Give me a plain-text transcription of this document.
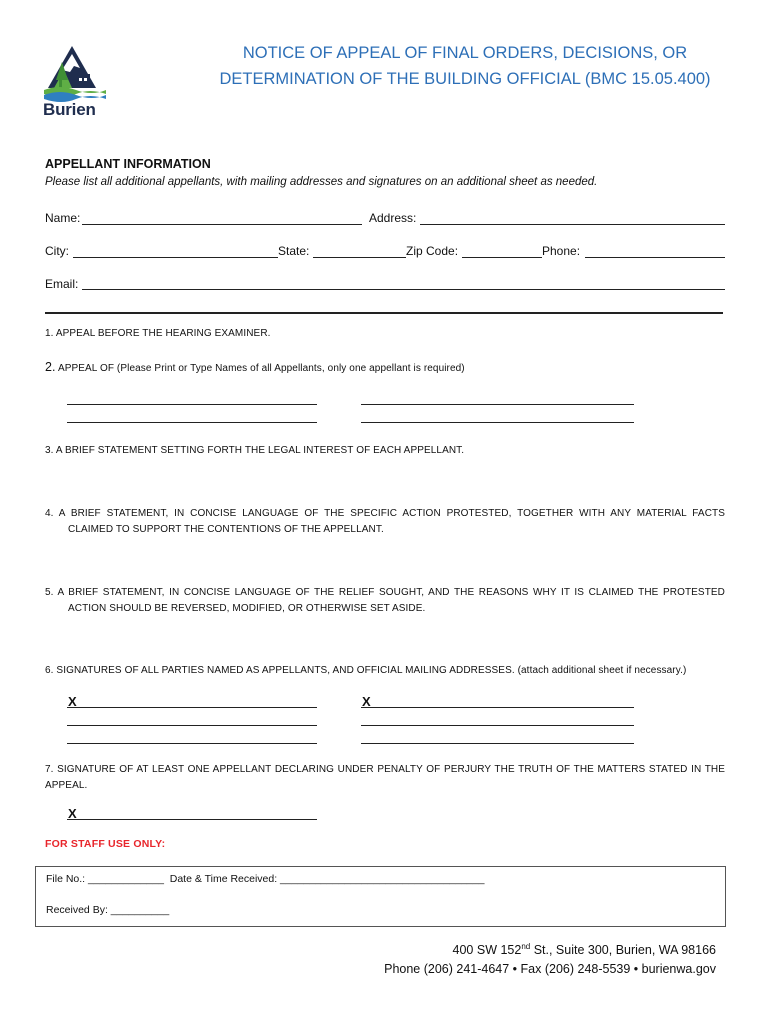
Burien
NOTICE OF APPEAL OF FINAL ORDERS, DECISIONS, OR
DETERMINATION OF THE BUILDING OFFICIAL (BMC 15.05.400)
APPELLANT INFORMATION
Please list all additional appellants, with mailing addresses and signatures on an additional sheet as needed.
Name:	Address:
City:	State:	Zip Code:	Phone:
Email:
1. APPEAL BEFORE THE HEARING EXAMINER.
2. APPEAL OF (Please Print or Type Names of all Appellants, only one appellant is required)
3. A BRIEF STATEMENT SETTING FORTH THE LEGAL INTEREST OF EACH APPELLANT.
4. A BRIEF STATEMENT, IN CONCISE LANGUAGE OF THE SPECIFIC ACTION PROTESTED, TOGETHER WITH ANY MATERIAL FACTS
CLAIMED TO SUPPORT THE CONTENTIONS OF THE APPELLANT.
5. A BRIEF STATEMENT, IN CONCISE LANGUAGE OF THE RELIEF SOUGHT, AND THE REASONS WHY IT IS CLAIMED THE PROTESTED
ACTION SHOULD BE REVERSED, MODIFIED, OR OTHERWISE SET ASIDE.
6. SIGNATURES OF ALL PARTIES NAMED AS APPELLANTS, AND OFFICIAL MAILING ADDRESSES. (attach additional sheet if necessary.)
X	X
7. SIGNATURE OF AT LEAST ONE APPELLANT DECLARING UNDER PENALTY OF PERJURY THE TRUTH OF THE MATTERS STATED IN THE
APPEAL.
X
FOR STAFF USE ONLY:
File No.: _____________  Date & Time Received: ___________________________________
Received By: __________
400 SW 152nd St., Suite 300, Burien, WA 98166
Phone (206) 241-4647 • Fax (206) 248-5539 • burienwa.gov
